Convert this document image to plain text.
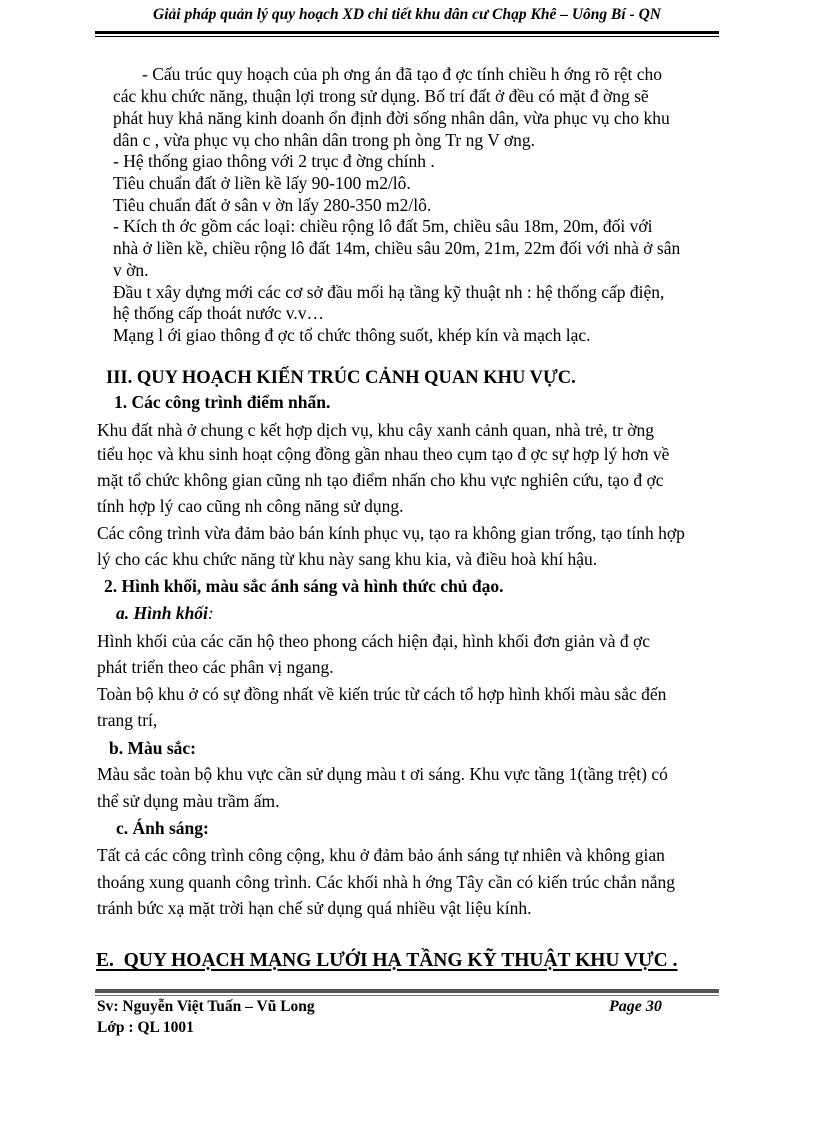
Giải pháp quản lý quy hoạch XD chi tiết khu dân cư Chạp Khê – Uông Bí - QN
- Cấu trúc quy hoạch của ph ơng án đã tạo đ ợc tính chiều h ớng rõ rệt cho
các khu chức năng, thuận lợi trong sử dụng. Bố trí đất ở đều có mặt đ ờng sẽ
phát huy khả năng kinh doanh ổn định đời sống nhân dân, vừa phục vụ cho khu
dân c , vừa phục vụ cho nhân dân trong ph òng Tr ng V ơng.
- Hệ thống giao thông với 2 trục đ ờng chính .
Tiêu chuẩn đất ở liền kề lấy 90-100 m2/lô.
Tiêu chuẩn đất ở sân v ờn lấy 280-350 m2/lô.
- Kích th ớc gồm các loại: chiều rộng lô đất 5m, chiều sâu 18m, 20m, đối với
nhà ở liền kề, chiều rộng lô đất 14m, chiều sâu 20m, 21m, 22m đối với nhà ở sân
v ờn.
Đầu t xây dựng mới các cơ sở đầu mối hạ tầng kỹ thuật nh : hệ thống cấp điện,
hệ thống cấp thoát nước v.v…
Mạng l ới giao thông đ ợc tổ chức thông suốt, khép kín và mạch lạc.
III. QUY HOẠCH KIẾN TRÚC CẢNH QUAN KHU VỰC.
1. Các công trình điểm nhấn.
Khu đất nhà ở chung c kết hợp dịch vụ, khu cây xanh cảnh quan, nhà trẻ, tr ờng
tiểu học và khu sinh hoạt cộng đồng gần nhau theo cụm tạo đ ợc sự hợp lý hơn về
mặt tổ chức không gian cũng nh tạo điểm nhấn cho khu vực nghiên cứu, tạo đ ợc
tính hợp lý cao cũng nh công năng sử dụng.
Các công trình vừa đảm bảo bán kính phục vụ, tạo ra không gian trống, tạo tính hợp
lý cho các khu chức năng từ khu này sang khu kia, và điều hoà khí hậu.
2. Hình khối, màu sắc ánh sáng và hình thức chủ đạo.
a. Hình khối:
Hình khối của các căn hộ theo phong cách hiện đại, hình khối đơn giản và đ ợc
phát triển theo các phân vị ngang.
Toàn bộ khu ở có sự đồng nhất về kiến trúc từ cách tổ hợp hình khối màu sắc đến
trang trí,
b. Màu sắc:
Màu sắc toàn bộ khu vực cần sử dụng màu t ơi sáng. Khu vực tầng 1(tầng trệt) có
thể sử dụng màu trầm ấm.
c. Ánh sáng:
Tất cả các công trình công cộng, khu ở đảm bảo ánh sáng tự nhiên và không gian
thoáng xung quanh công trình. Các khối nhà h ớng Tây cần có kiến trúc chắn nắng
tránh bức xạ mặt trời hạn chế sử dụng quá nhiều vật liệu kính.
E. QUY HOẠCH MẠNG LƯỚI HẠ TẦNG KỸ THUẬT KHU VỰC .
Sv: Nguyễn Việt Tuấn – Vũ Long
Lớp : QL 1001
Page 30
